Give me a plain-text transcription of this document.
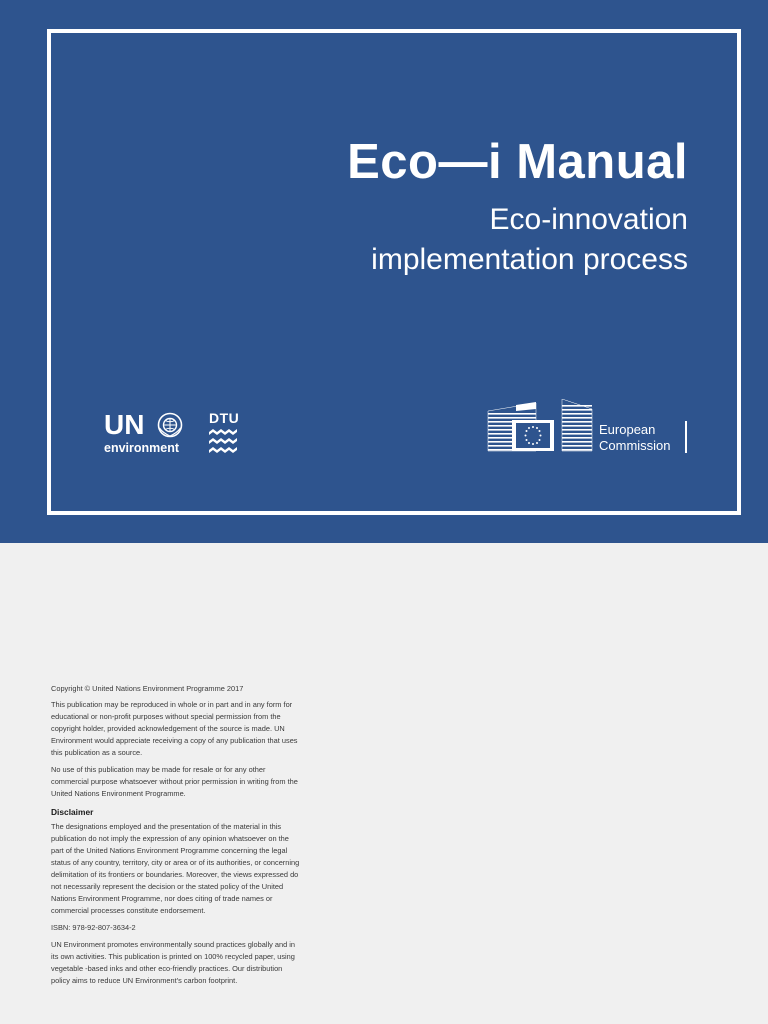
Eco—i Manual
Eco-innovation
implementation process
UN
environment
DTU
European
Commission

Copyright © United Nations Environment Programme 2017

This publication may be reproduced in whole or in part and in any form for educational or non-profit purposes without special permission from the copyright holder, provided acknowledgement of the source is made. UN Environment would appreciate receiving a copy of any publication that uses this publication as a source.

No use of this publication may be made for resale or for any other commercial purpose whatsoever without prior permission in writing from the United Nations Environment Programme.

Disclaimer

The designations employed and the presentation of the material in this publication do not imply the expression of any opinion whatsoever on the part of the United Nations Environment Programme concerning the legal status of any country, territory, city or area or of its authorities, or concerning delimitation of its frontiers or boundaries. Moreover, the views expressed do not necessarily represent the decision or the stated policy of the United Nations Environment Programme, nor does citing of trade names or commercial processes constitute endorsement.

ISBN: 978-92-807-3634-2

UN Environment promotes environmentally sound practices globally and in its own activities. This publication is printed on 100% recycled paper, using vegetable -based inks and other eco-friendly practices. Our distribution policy aims to reduce UN Environment's carbon footprint.
